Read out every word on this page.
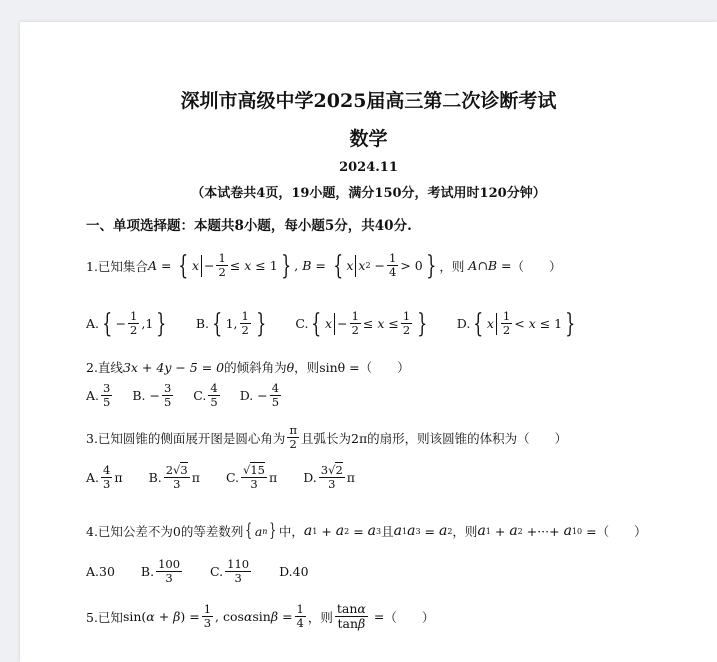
深圳市高级中学2025届高三第二次诊断考试
数学
2024.11
（本试卷共4页，19小题，满分150分，考试用时120分钟）
一、单项选择题：本题共8小题，每小题5分，共40分.
1.已知集合 A = { $x - \frac{1}{2} \le x \le 1$ } , B = { x x $2 - \frac{1}{4} > 0$ } ，则 A ∩ B = （　　）
A. { − $\frac{1}{2} ,1$ } B. { 1, $\frac{1}{2}$ } C. { $x - \frac{1}{2} \le x \le \frac{1}{2}$ } D. { x $\frac{1}{2} < x \le 1$ }
2.直线 3x + 4y − 5 = 0 的倾斜角为 θ ，则 sinθ = （　　）
A. $\frac{3}{5} B$. − $\frac{3}{5} C$. $\frac{4}{5} D$. − $\frac{4}{5}$
3.已知圆锥的侧面展开图是圆心角为 $\frac{\pi}{2}$ 且弧长为2π的扇形，则该圆锥的体积为（　　）
A. $\frac{4}{3}$ π B. $\frac{2√3}{3}$ π C. $\frac{√15}{3}$ π D. $\frac{3√2}{3}$ π
4.已知公差不为0的等差数列 { a n } 中， a 1 + a 2 = a 3 且 a 1 a 3 = a 2 ，则 a 1 + a 2 +···+ a 10 = （　　）
A.30 B. $\frac{100}{3} C$. $\frac{110}{3} D.40$
5.已知 sin( α + β ) = $\frac{1}{3}$ , cos α $\sin \beta = \frac{1}{4}$ ，则 $\frac{\tan\alpha}{\tan\beta}$ = （　　）
